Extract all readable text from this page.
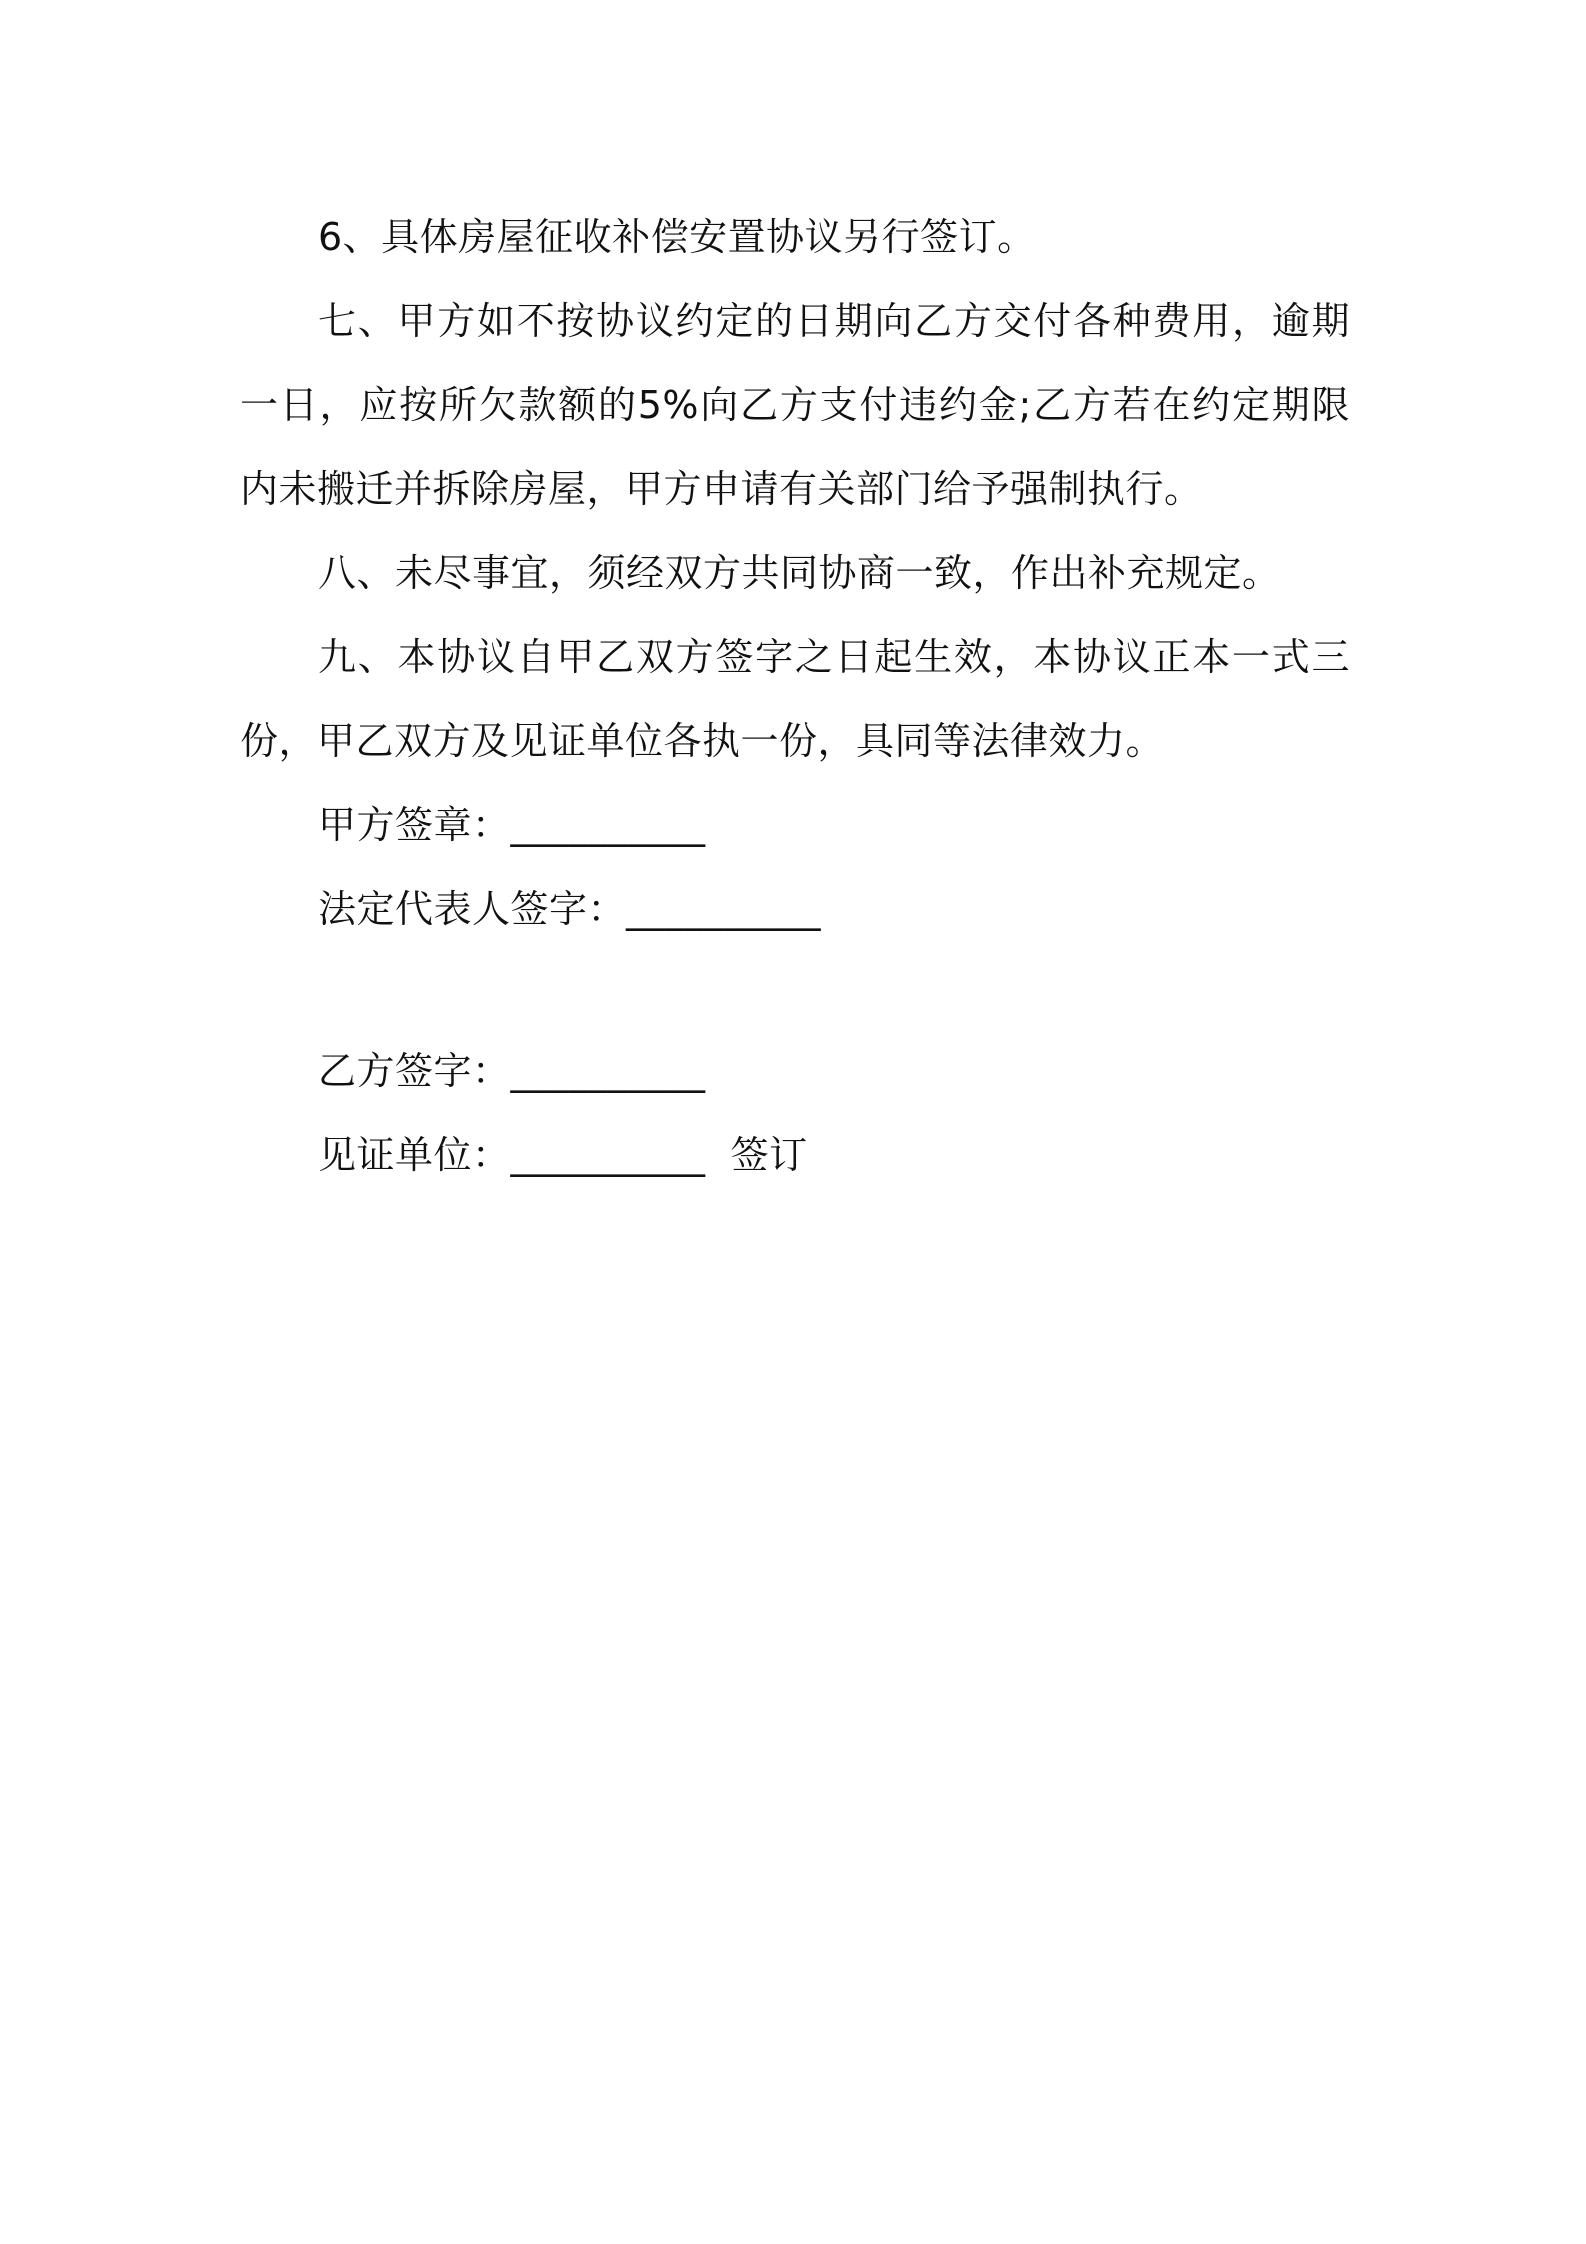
6、具体房屋征收补偿安置协议另行签订。

七、甲方如不按协议约定的日期向乙方交付各种费用，逾期一日，应按所欠款额的5%向乙方支付违约金;乙方若在约定期限内未搬迁并拆除房屋，甲方申请有关部门给予强制执行。

八、未尽事宜，须经双方共同协商一致，作出补充规定。

九、本协议自甲乙双方签字之日起生效，本协议正本一式三份，甲乙双方及见证单位各执一份，具同等法律效力。

甲方签章：__________

法定代表人签字：__________

乙方签字：__________

见证单位：__________  签订
